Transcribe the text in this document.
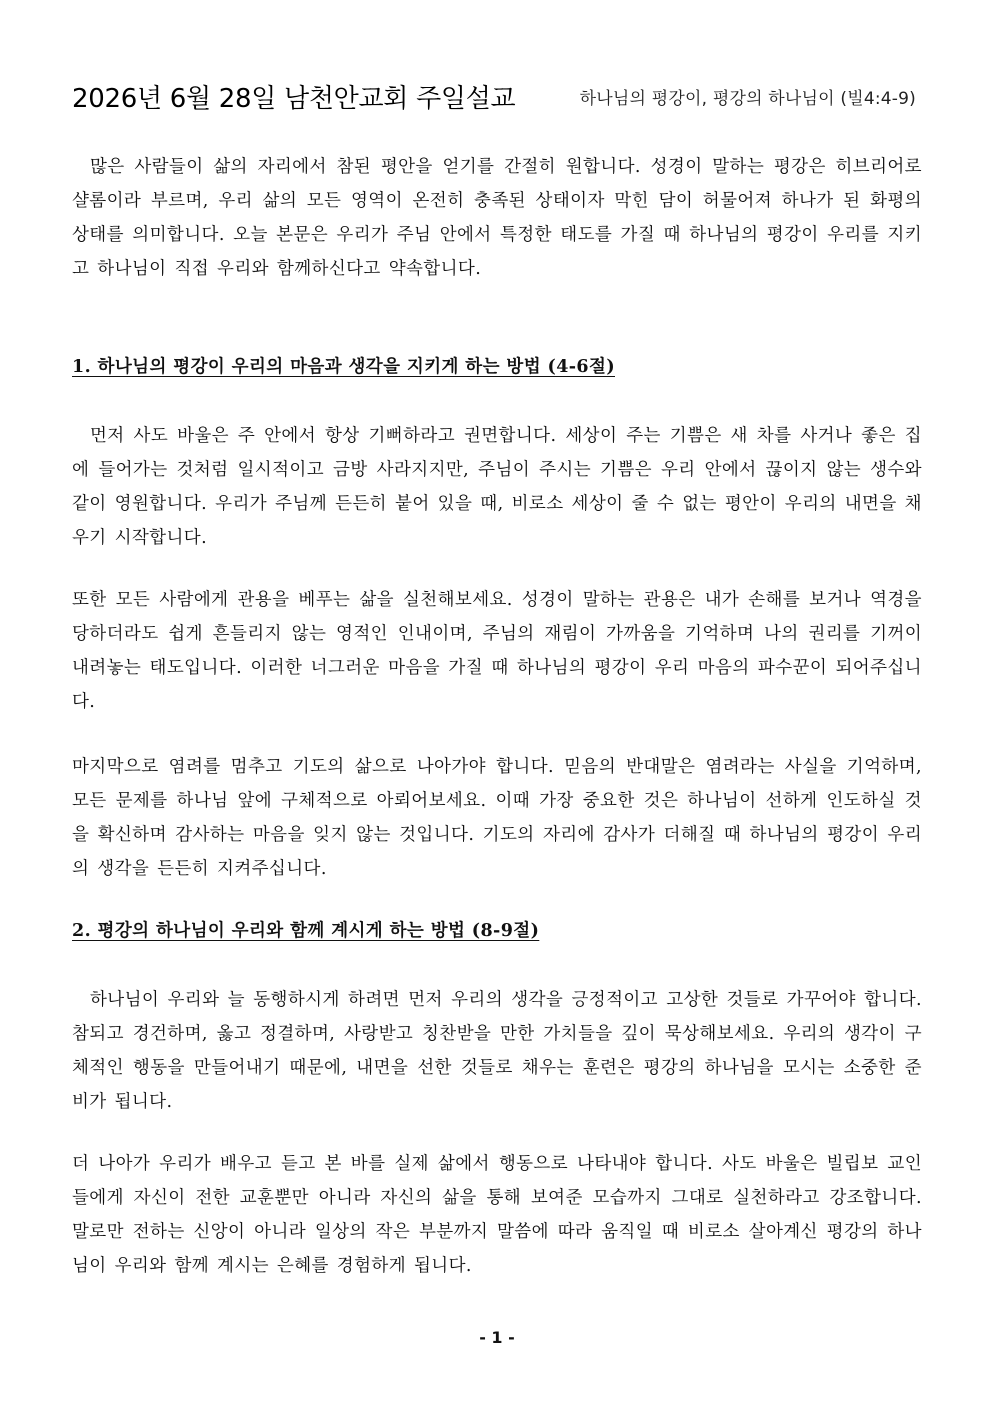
2026년 6월 28일 남천안교회 주일설교	하나님의 평강이, 평강의 하나님이 (빌4:4-9)

많은 사람들이 삶의 자리에서 참된 평안을 얻기를 간절히 원합니다. 성경이 말하는 평강은 히브리어로 샬롬이라 부르며, 우리 삶의 모든 영역이 온전히 충족된 상태이자 막힌 담이 허물어져 하나가 된 화평의 상태를 의미합니다. 오늘 본문은 우리가 주님 안에서 특정한 태도를 가질 때 하나님의 평강이 우리를 지키고 하나님이 직접 우리와 함께하신다고 약속합니다.

1. 하나님의 평강이 우리의 마음과 생각을 지키게 하는 방법 (4-6절)

먼저 사도 바울은 주 안에서 항상 기뻐하라고 권면합니다. 세상이 주는 기쁨은 새 차를 사거나 좋은 집에 들어가는 것처럼 일시적이고 금방 사라지지만, 주님이 주시는 기쁨은 우리 안에서 끊이지 않는 생수와 같이 영원합니다. 우리가 주님께 든든히 붙어 있을 때, 비로소 세상이 줄 수 없는 평안이 우리의 내면을 채우기 시작합니다.

또한 모든 사람에게 관용을 베푸는 삶을 실천해보세요. 성경이 말하는 관용은 내가 손해를 보거나 역경을 당하더라도 쉽게 흔들리지 않는 영적인 인내이며, 주님의 재림이 가까움을 기억하며 나의 권리를 기꺼이 내려놓는 태도입니다. 이러한 너그러운 마음을 가질 때 하나님의 평강이 우리 마음의 파수꾼이 되어주십니다.

마지막으로 염려를 멈추고 기도의 삶으로 나아가야 합니다. 믿음의 반대말은 염려라는 사실을 기억하며, 모든 문제를 하나님 앞에 구체적으로 아뢰어보세요. 이때 가장 중요한 것은 하나님이 선하게 인도하실 것을 확신하며 감사하는 마음을 잊지 않는 것입니다. 기도의 자리에 감사가 더해질 때 하나님의 평강이 우리의 생각을 든든히 지켜주십니다.

2. 평강의 하나님이 우리와 함께 계시게 하는 방법 (8-9절)

하나님이 우리와 늘 동행하시게 하려면 먼저 우리의 생각을 긍정적이고 고상한 것들로 가꾸어야 합니다. 참되고 경건하며, 옳고 정결하며, 사랑받고 칭찬받을 만한 가치들을 깊이 묵상해보세요. 우리의 생각이 구체적인 행동을 만들어내기 때문에, 내면을 선한 것들로 채우는 훈련은 평강의 하나님을 모시는 소중한 준비가 됩니다.

더 나아가 우리가 배우고 듣고 본 바를 실제 삶에서 행동으로 나타내야 합니다. 사도 바울은 빌립보 교인들에게 자신이 전한 교훈뿐만 아니라 자신의 삶을 통해 보여준 모습까지 그대로 실천하라고 강조합니다. 말로만 전하는 신앙이 아니라 일상의 작은 부분까지 말씀에 따라 움직일 때 비로소 살아계신 평강의 하나님이 우리와 함께 계시는 은혜를 경험하게 됩니다.

- 1 -
